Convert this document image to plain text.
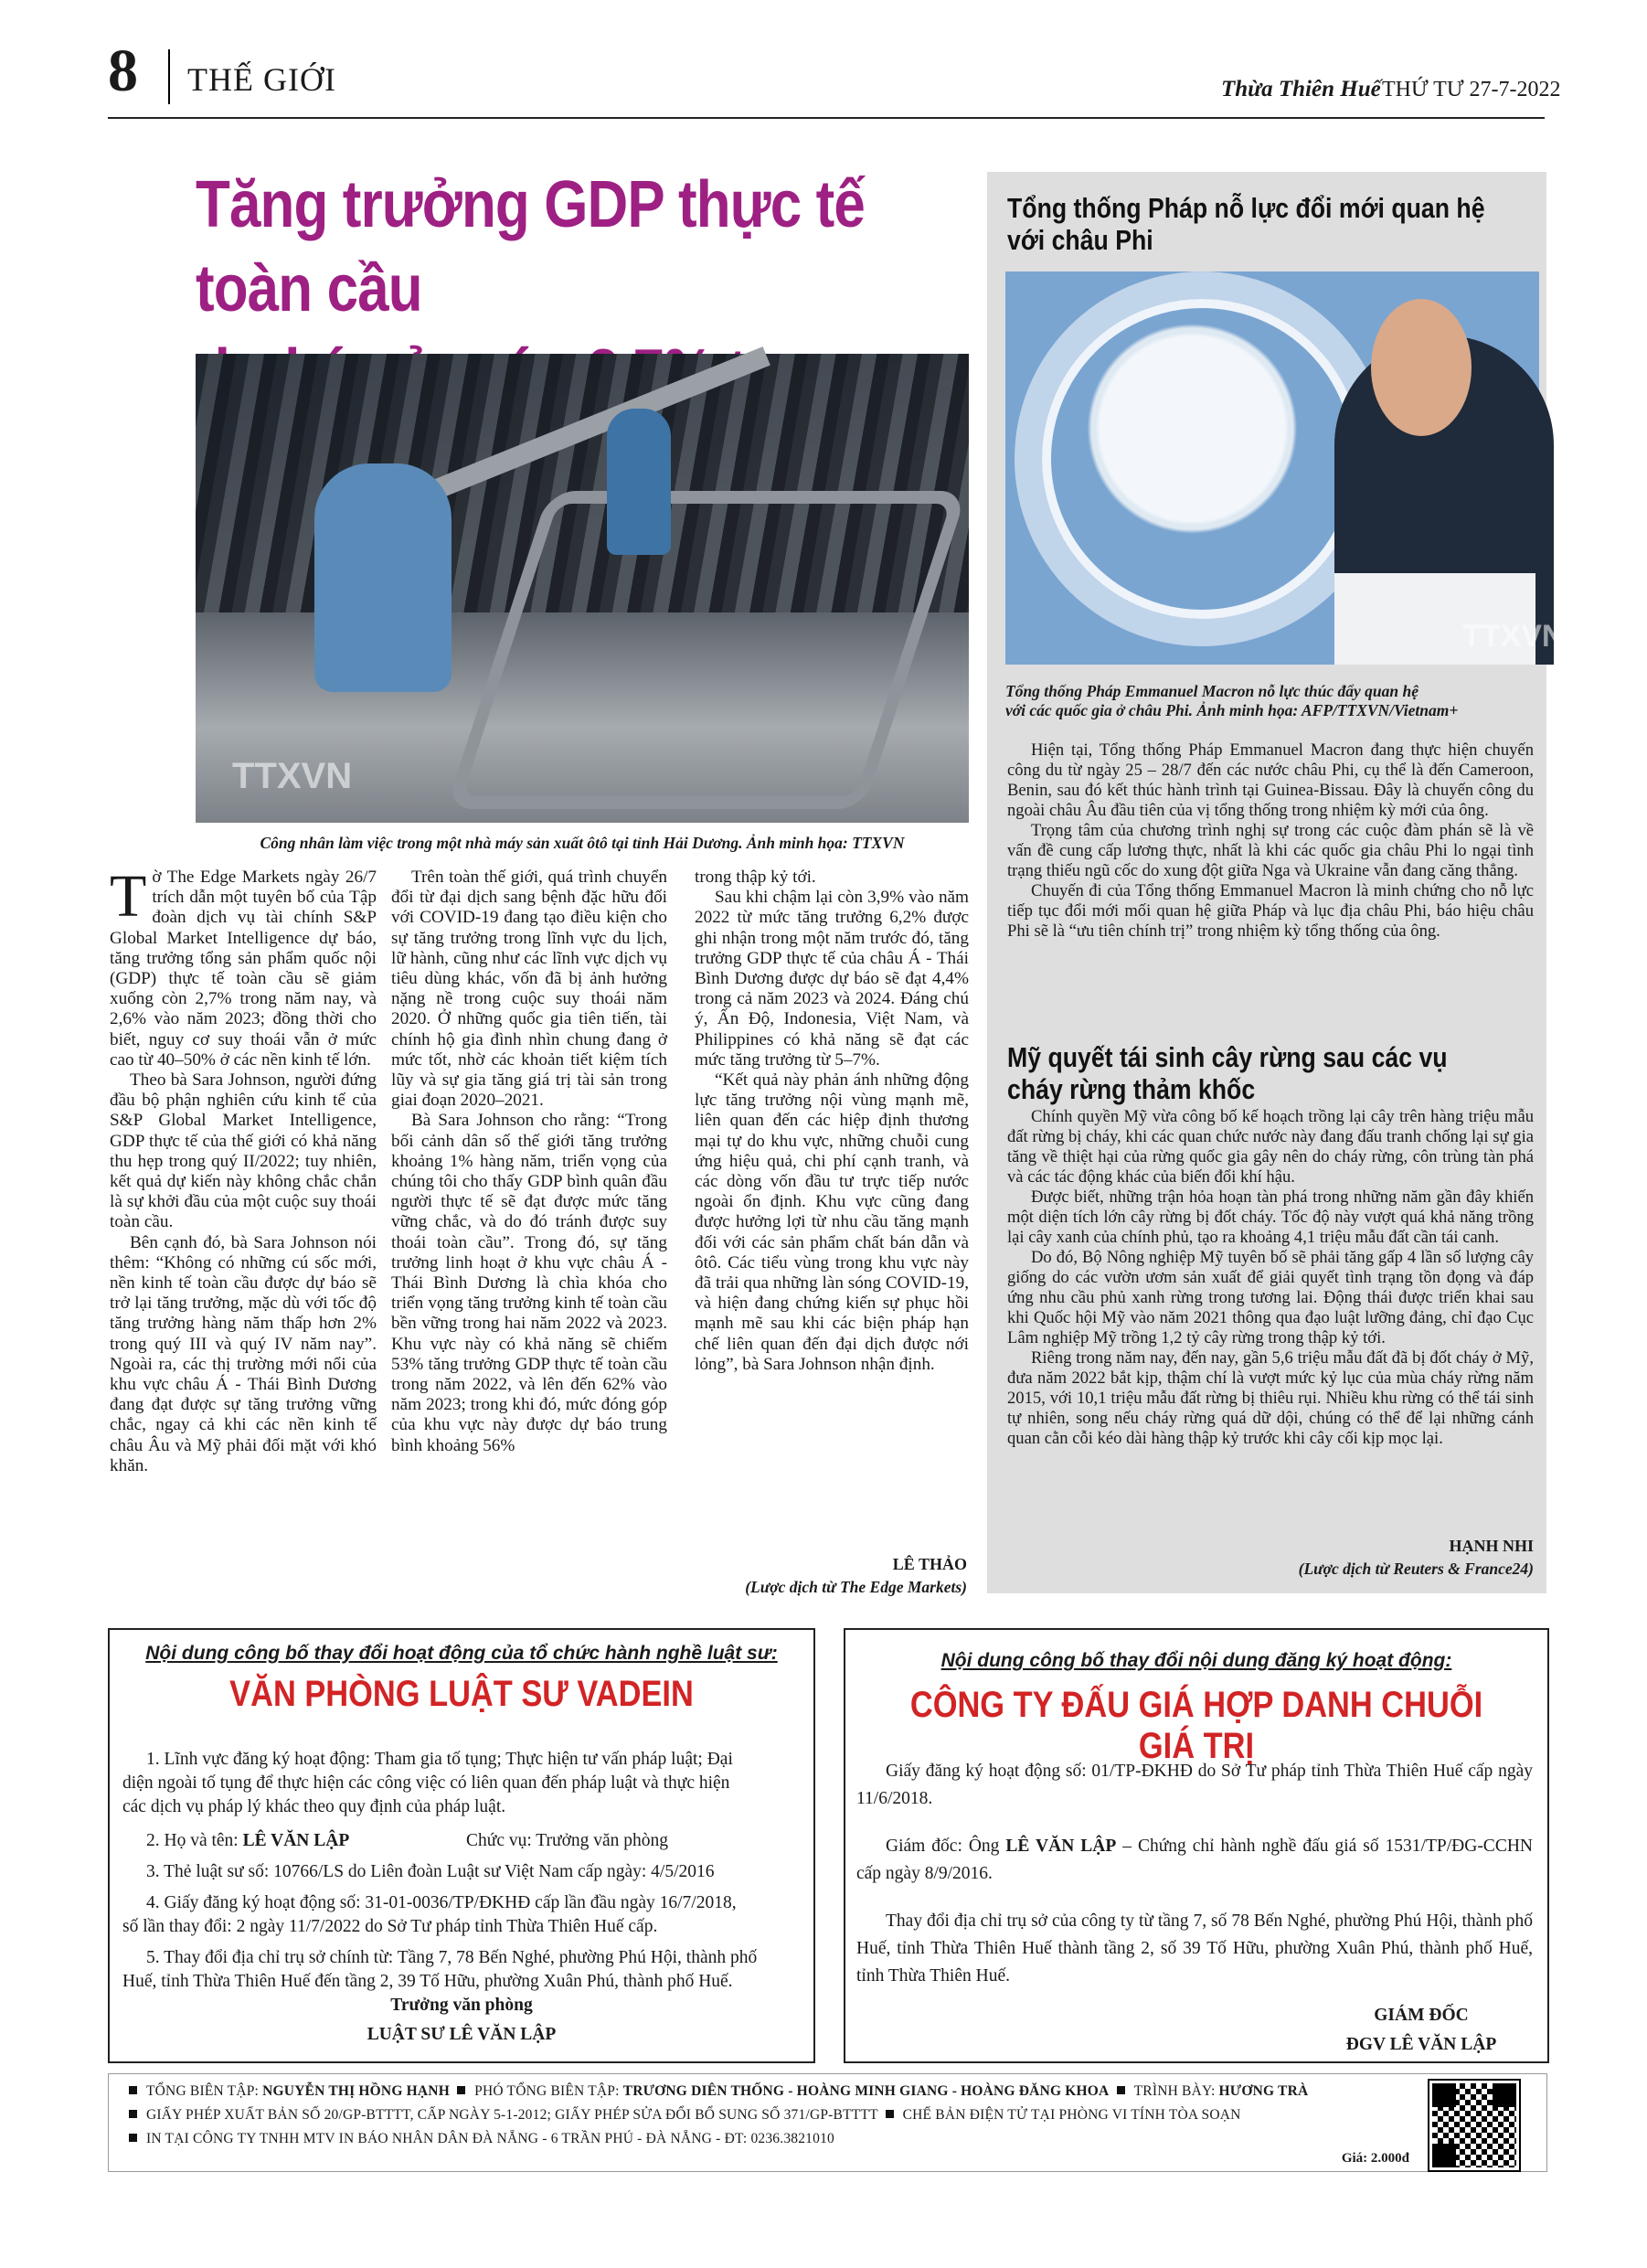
8 THẾ GIỚI	Thừa Thiên Huế THỨ TƯ 27-7-2022
Tăng trưởng GDP thực tế toàn cầu
TTXVN
Công nhân làm việc trong một nhà máy sản xuất ôtô tại tỉnh Hải Dương. Ảnh minh họa: TTXVN

Tờ The Edge Markets ngày 26/7 trích dẫn một tuyên bố của Tập đoàn dịch vụ tài chính S&P Global Market Intelligence dự báo, tăng trưởng tổng sản phẩm quốc nội (GDP) thực tế toàn cầu sẽ giảm xuống còn 2,7% trong năm nay, và 2,6% vào năm 2023; đồng thời cho biết, nguy cơ suy thoái vẫn ở mức cao từ 40–50% ở các nền kinh tế lớn.

Theo bà Sara Johnson, người đứng đầu bộ phận nghiên cứu kinh tế của S&P Global Market Intelligence, GDP thực tế của thế giới có khả năng thu hẹp trong quý II/2022; tuy nhiên, kết quả dự kiến này không chắc chắn là sự khởi đầu của một cuộc suy thoái toàn cầu.

Bên cạnh đó, bà Sara Johnson nói thêm: “Không có những cú sốc mới, nền kinh tế toàn cầu được dự báo sẽ trở lại tăng trưởng, mặc dù với tốc độ tăng trưởng hàng năm thấp hơn 2% trong quý III và quý IV năm nay”. Ngoài ra, các thị trường mới nổi của khu vực châu Á - Thái Bình Dương đang đạt được sự tăng trưởng vững chắc, ngay cả khi các nền kinh tế châu Âu và Mỹ phải đối mặt với khó khăn.

Trên toàn thế giới, quá trình chuyển đổi từ đại dịch sang bệnh đặc hữu đối với COVID-19 đang tạo điều kiện cho sự tăng trưởng trong lĩnh vực du lịch, lữ hành, cũng như các lĩnh vực dịch vụ tiêu dùng khác, vốn đã bị ảnh hưởng nặng nề trong cuộc suy thoái năm 2020. Ở những quốc gia tiên tiến, tài chính hộ gia đình nhìn chung đang ở mức tốt, nhờ các khoản tiết kiệm tích lũy và sự gia tăng giá trị tài sản trong giai đoạn 2020–2021.

Bà Sara Johnson cho rằng: “Trong bối cảnh dân số thế giới tăng trưởng khoảng 1% hàng năm, triển vọng của chúng tôi cho thấy GDP bình quân đầu người thực tế sẽ đạt được mức tăng vững chắc, và do đó tránh được suy thoái toàn cầu”. Trong đó, sự tăng trưởng linh hoạt ở khu vực châu Á - Thái Bình Dương là chìa khóa cho triển vọng tăng trưởng kinh tế toàn cầu bền vững trong hai năm 2022 và 2023. Khu vực này có khả năng sẽ chiếm 53% tăng trưởng GDP thực tế toàn cầu trong năm 2022, và lên đến 62% vào năm 2023; trong khi đó, mức đóng góp của khu vực này được dự báo trung bình khoảng 56%

trong thập kỷ tới.

Sau khi chậm lại còn 3,9% vào năm 2022 từ mức tăng trưởng 6,2% được ghi nhận trong một năm trước đó, tăng trưởng GDP thực tế của châu Á - Thái Bình Dương được dự báo sẽ đạt 4,4% trong cả năm 2023 và 2024. Đáng chú ý, Ấn Độ, Indonesia, Việt Nam, và Philippines có khả năng sẽ đạt các mức tăng trưởng từ 5–7%.

“Kết quả này phản ánh những động lực tăng trưởng nội vùng mạnh mẽ, liên quan đến các hiệp định thương mại tự do khu vực, những chuỗi cung ứng hiệu quả, chi phí cạnh tranh, và các dòng vốn đầu tư trực tiếp nước ngoài ổn định. Khu vực cũng đang được hưởng lợi từ nhu cầu tăng mạnh đối với các sản phẩm chất bán dẫn và ôtô. Các tiểu vùng trong khu vực này đã trải qua những làn sóng COVID-19, và hiện đang chứng kiến sự phục hồi mạnh mẽ sau khi các biện pháp hạn chế liên quan đến đại dịch được nới lỏng”, bà Sara Johnson nhận định.

LÊ THẢO
(Lược dịch từ The Edge Markets)
Tổng thống Pháp nỗ lực đổi mới quan hệ
với châu Phi
TTXVN
Tổng thống Pháp Emmanuel Macron nỗ lực thúc đẩy quan hệ
với các quốc gia ở châu Phi. Ảnh minh họa: AFP/TTXVN/Vietnam+

Hiện tại, Tổng thống Pháp Emmanuel Macron đang thực hiện chuyến công du từ ngày 25 – 28/7 đến các nước châu Phi, cụ thể là đến Cameroon, Benin, sau đó kết thúc hành trình tại Guinea-Bissau. Đây là chuyến công du ngoài châu Âu đầu tiên của vị tổng thống trong nhiệm kỳ mới của ông.

Trọng tâm của chương trình nghị sự trong các cuộc đàm phán sẽ là về vấn đề cung cấp lương thực, nhất là khi các quốc gia châu Phi lo ngại tình trạng thiếu ngũ cốc do xung đột giữa Nga và Ukraine vẫn đang căng thẳng.

Chuyến đi của Tổng thống Emmanuel Macron là minh chứng cho nỗ lực tiếp tục đổi mới mối quan hệ giữa Pháp và lục địa châu Phi, báo hiệu châu Phi sẽ là “ưu tiên chính trị” trong nhiệm kỳ tổng thống của ông.

Mỹ quyết tái sinh cây rừng sau các vụ
cháy rừng thảm khốc

Chính quyền Mỹ vừa công bố kế hoạch trồng lại cây trên hàng triệu mẫu đất rừng bị cháy, khi các quan chức nước này đang đấu tranh chống lại sự gia tăng về thiệt hại của rừng quốc gia gây nên do cháy rừng, côn trùng tàn phá và các tác động khác của biến đổi khí hậu.

Được biết, những trận hỏa hoạn tàn phá trong những năm gần đây khiến một diện tích lớn cây rừng bị đốt cháy. Tốc độ này vượt quá khả năng trồng lại cây xanh của chính phủ, tạo ra khoảng 4,1 triệu mẫu đất cần tái canh.

Do đó, Bộ Nông nghiệp Mỹ tuyên bố sẽ phải tăng gấp 4 lần số lượng cây giống do các vườn ươm sản xuất để giải quyết tình trạng tồn đọng và đáp ứng nhu cầu phủ xanh rừng trong tương lai. Động thái được triển khai sau khi Quốc hội Mỹ vào năm 2021 thông qua đạo luật lưỡng đảng, chỉ đạo Cục Lâm nghiệp Mỹ trồng 1,2 tỷ cây rừng trong thập kỷ tới.

Riêng trong năm nay, đến nay, gần 5,6 triệu mẫu đất đã bị đốt cháy ở Mỹ, đưa năm 2022 bắt kịp, thậm chí là vượt mức kỷ lục của mùa cháy rừng năm 2015, với 10,1 triệu mẫu đất rừng bị thiêu rụi. Nhiều khu rừng có thể tái sinh tự nhiên, song nếu cháy rừng quá dữ dội, chúng có thể để lại những cánh quan cằn cỗi kéo dài hàng thập kỷ trước khi cây cối kịp mọc lại.

HẠNH NHI
(Lược dịch từ Reuters & France24)
Nội dung công bố thay đổi hoạt động của tổ chức hành nghề luật sư:
VĂN PHÒNG LUẬT SƯ VADEIN
1. Lĩnh vực đăng ký hoạt động: Tham gia tố tụng; Thực hiện tư vấn pháp luật; Đại
diện ngoài tố tụng để thực hiện các công việc có liên quan đến pháp luật và thực hiện
các dịch vụ pháp lý khác theo quy định của pháp luật.
2. Họ và tên: LÊ VĂN LẬP	Chức vụ: Trưởng văn phòng
3. Thẻ luật sư số: 10766/LS do Liên đoàn Luật sư Việt Nam cấp ngày: 4/5/2016
4. Giấy đăng ký hoạt động số: 31-01-0036/TP/ĐKHĐ cấp lần đầu ngày 16/7/2018,
số lần thay đổi: 2 ngày 11/7/2022 do Sở Tư pháp tỉnh Thừa Thiên Huế cấp.
5. Thay đổi địa chỉ trụ sở chính từ: Tầng 7, 78 Bến Nghé, phường Phú Hội, thành phố
Huế, tỉnh Thừa Thiên Huế đến tầng 2, 39 Tố Hữu, phường Xuân Phú, thành phố Huế.
Trưởng văn phòng
LUẬT SƯ LÊ VĂN LẬP
Nội dung công bố thay đổi nội dung đăng ký hoạt động:
CÔNG TY ĐẤU GIÁ HỢP DANH CHUỖI GIÁ TRỊ
Giấy đăng ký hoạt động số: 01/TP-ĐKHĐ do Sở Tư pháp tỉnh Thừa Thiên Huế cấp ngày 11/6/2018.
Giám đốc: Ông LÊ VĂN LẬP – Chứng chỉ hành nghề đấu giá số 1531/TP/ĐG-CCHN cấp ngày 8/9/2016.
Thay đổi địa chỉ trụ sở của công ty từ tầng 7, số 78 Bến Nghé, phường Phú Hội, thành phố Huế, tỉnh Thừa Thiên Huế thành tầng 2, số 39 Tố Hữu, phường Xuân Phú, thành phố Huế, tỉnh Thừa Thiên Huế.
GIÁM ĐỐC
ĐGV LÊ VĂN LẬP
TỔNG BIÊN TẬP: NGUYỄN THỊ HỒNG HẠNH PHÓ TỔNG BIÊN TẬP: TRƯƠNG DIÊN THỐNG - HOÀNG MINH GIANG - HOÀNG ĐĂNG KHOA TRÌNH BÀY: HƯƠNG TRÀ
GIẤY PHÉP XUẤT BẢN SỐ 20/GP-BTTTT, CẤP NGÀY 5-1-2012; GIẤY PHÉP SỬA ĐỔI BỔ SUNG SỐ 371/GP-BTTTT CHẾ BẢN ĐIỆN TỬ TẠI PHÒNG VI TÍNH TÒA SOẠN
IN TẠI CÔNG TY TNHH MTV IN BÁO NHÂN DÂN ĐÀ NẴNG - 6 TRẦN PHÚ - ĐÀ NẴNG - ĐT: 0236.3821010
Giá: 2.000đ
